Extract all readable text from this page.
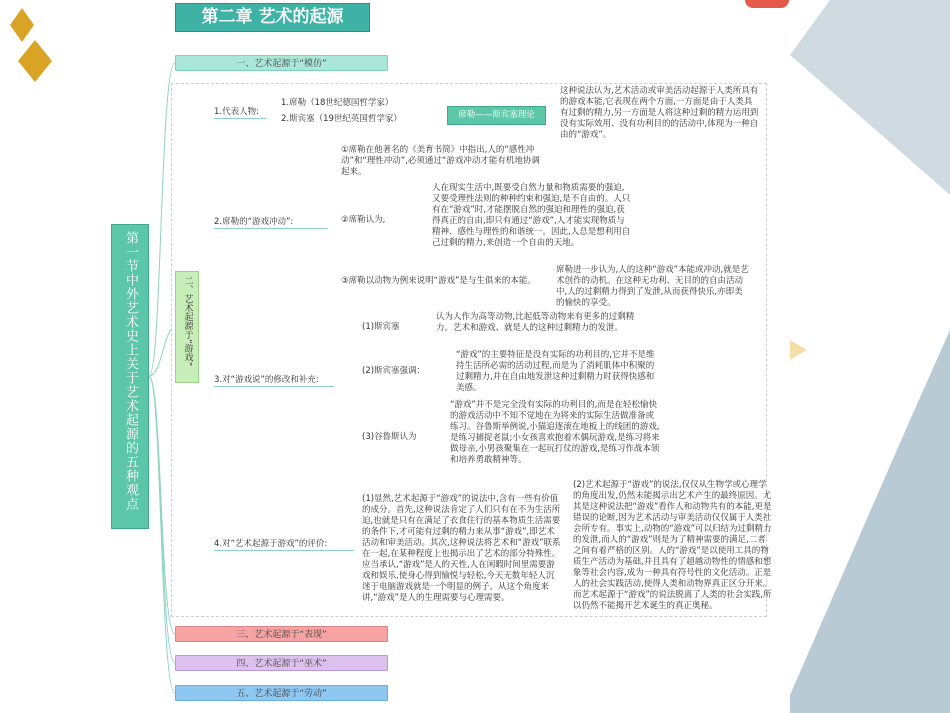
第二章 艺术的起源
第一节中外艺术史上关于艺术起源的五种观点
一、艺术起源于“模仿”
二、艺术起源于“游戏”
三、艺术起源于“表现”
四、艺术起源于“巫术”
五、艺术起源于“劳动”
1.代表人物:
1.席勒（18世纪德国哲学家）
2.斯宾塞（19世纪英国哲学家）	席勒——斯宾塞理论
这种说法认为,艺术活动或审美活动起源于人类所具有的游戏本能,它表现在两个方面,一方面是由于人类具有过剩的精力,另一方面是人将这种过剩的精力运用到没有实际效用、没有功利目的的活动中,体现为一种自由的“游戏”。
2.席勒的“游戏冲动”:
①席勒在他著名的《美育书简》中指出,人的“感性冲动”和“理性冲动”,必须通过“游戏冲动才能有机地协调起来。
②席勒认为,
人在现实生活中,既要受自然力量和物质需要的强迫,又要受理性法则的种种约束和强迫,是不自由的。人只有在“游戏”时,才能摆脱自然的强迫和理性的强迫,获得真正的自由,即只有通过“游戏”,人才能实现物质与精神、感性与理性的和谐统一。因此,人总是想利用自己过剩的精力,来创造一个自由的天地。
③席勒以动物为例来说明“游戏”是与生俱来的本能。
席勒进一步认为,人的这种“游戏”本能或冲动,就是艺术创作的动机。在这种无功利、无目的的自由活动中,人的过剩精力得到了发泄,从而获得快乐,亦即美的愉快的享受。
3.对“游戏说”的修改和补充:
(1)斯宾塞
认为人作为高等动物,比起低等动物来有更多的过剩精力。艺术和游戏、就是人的这种过剩精力的发泄。
(2)斯宾塞强调：
“游戏”的主要特征是没有实际的功利目的,它并不是维持生活所必需的活动过程,而是为了消耗肌体中积聚的过剩精力,并在自由地发泄这种过剩精力时获得快感和美感。
(3)谷鲁斯认为
“游戏”并不是完全没有实际的功利目的,而是在轻松愉快的游戏活动中不知不觉地在为将来的实际生活做准备或练习。谷鲁斯举例说,小猫追逐滚在地板上的线团的游戏,是练习捕捉老鼠;小女孩喜欢抱着木偶玩游戏,是练习将来做母亲,小男孩聚集在一起玩打仗的游戏,是练习作战本领和培养勇敢精神等。
4.对“艺术起源于游戏”的评价:
(1)显然,艺术起源于“游戏”的说法中,含有一些有价值的成分。首先,这种说法肯定了人们只有在不为生活所迫,也就是只有在满足了衣食住行的基本物质生活需要的条件下,才可能有过剩的精力来从事“游戏”,即艺术活动和审美活动。其次,这种说法将艺术和“游戏”联系在一起,在某种程度上也揭示出了艺术的部分特殊性。应当承认,“游戏”是人的天性,人在闲暇时间里需要游戏和娱乐,使身心得到愉悦与轻松,今天无数年轻人沉迷于电脑游戏就是一个明显的例子。从这个角度来讲,“游戏”是人的生理需要与心理需要。
(2)艺术起源于“游戏”的说法,仅仅从生物学或心理学的角度出发,仍然未能揭示出艺术产生的最终原因。尤其是这种说法把“游戏”看作人和动物共有的本能,更是错误的论断,因为艺术活动与审美活动仅仅属于人类社会所专有。事实上,动物的“游戏”可以归结为过剩精力的发泄,而人的“游戏”则是为了精神需要的满足,二者之间有着严格的区别。人的“游戏”是以使用工具的物质生产活动为基础,并且具有了超越动物性的情感和想象等社会内容,成为一种具有符号性的文化活动。正是人的社会实践活动,使得人类和动物界真正区分开来。而艺术起源于“游戏”的说法脱离了人类的社会实践,所以仍然不能揭开艺术诞生的真正奥秘。
